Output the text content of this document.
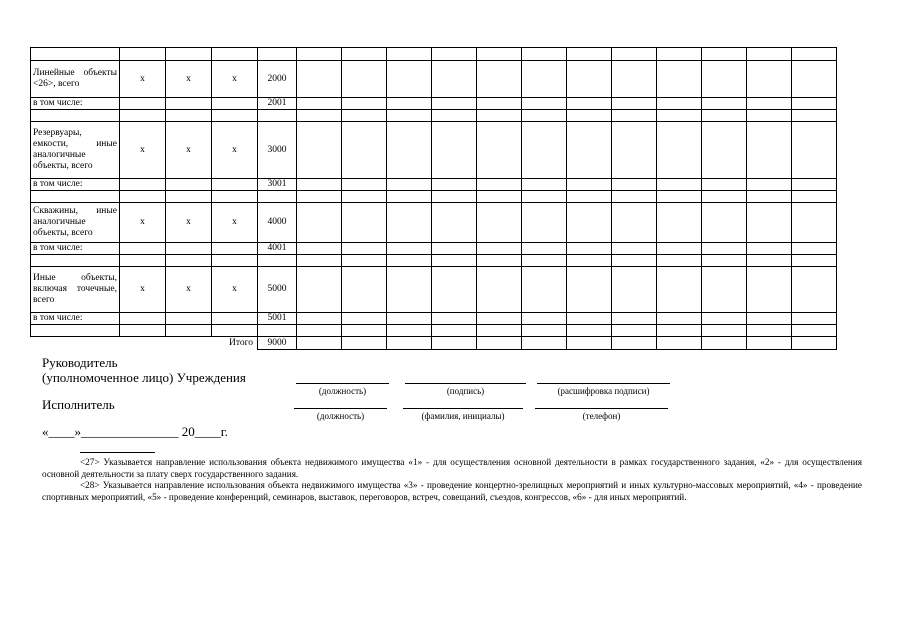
Линейные объекты <26>, всего	х	х	х	2000												
в том числе:				2001												

Резервуары, емкости, иные аналогичные объекты, всего	х	х	х	3000												
в том числе:				3001												

Скважины, иные аналогичные объекты, всего	х	х	х	4000												
в том числе:				4001												

Иные объекты, включая точечные, всего	х	х	х	5000												
в том числе:				5001												

Итого				9000												
Руководитель
(уполномоченное лицо) Учреждения
(должность)	(подпись)	(расшифровка подписи)
Исполнитель
(должность)	(фамилия, инициалы)	(телефон)
«____»_______________ 20____г.
<27> Указывается направление использования объекта недвижимого имущества «1» - для осуществления основной деятельности в рамках государственного задания, «2» - для осуществления основной деятельности за плату сверх государственного задания.
<28> Указывается направление использования объекта недвижимого имущества «3» - проведение концертно-зрелищных мероприятий и иных культурно-массовых мероприятий, «4» - проведение спортивных мероприятий, «5» - проведение конференций, семинаров, выставок, переговоров, встреч, совещаний, съездов, конгрессов, «6» - для иных мероприятий.
